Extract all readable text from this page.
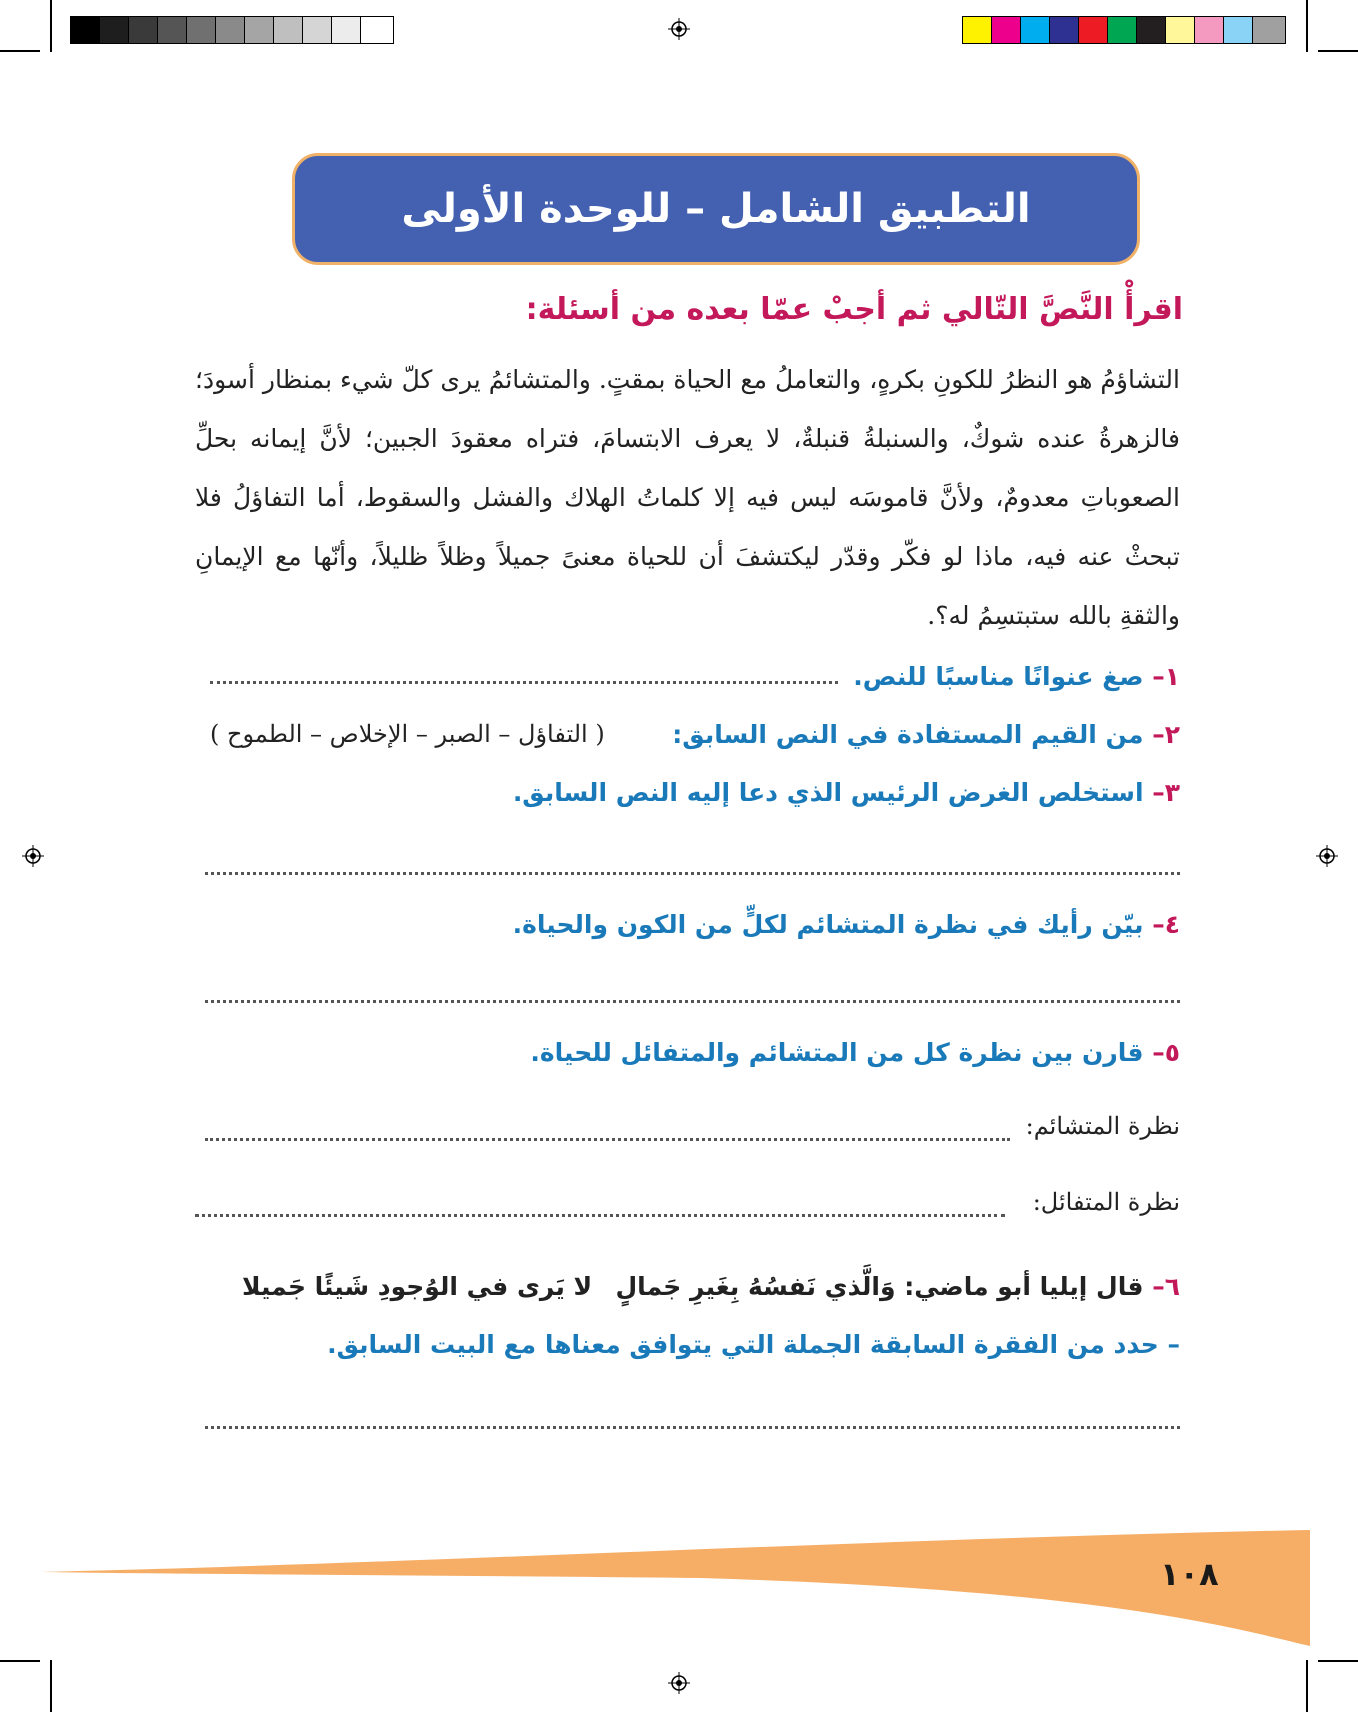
التطبيق الشامل – للوحدة الأولى
اقرأْ النَّصَّ التّالي ثم أجبْ عمّا بعده من أسئلة:
التشاؤمُ هو النظرُ للكونِ بكرهٍ، والتعاملُ مع الحياة بمقتٍ. والمتشائمُ يرى كلّ شيء بمنظار أسودَ؛ فالزهرةُ عنده شوكٌ، والسنبلةُ قنبلةٌ، لا يعرف الابتسامَ، فتراه معقودَ الجبين؛ لأنَّ إيمانه بحلِّ الصعوباتِ معدومٌ، ولأنَّ قاموسَه ليس فيه إلا كلماتُ الهلاك والفشل والسقوط، أما التفاؤلُ فلا تبحثْ عنه فيه، ماذا لو فكّر وقدّر ليكتشفَ أن للحياة معنىً جميلاً وظلاً ظليلاً، وأنّها مع الإيمانِ والثقةِ بالله ستبتسِمُ له؟.
١– صغ عنوانًا مناسبًا للنص.
٢– من القيم المستفادة في النص السابق:
( التفاؤل – الصبر – الإخلاص – الطموح )
٣– استخلص الغرض الرئيس الذي دعا إليه النص السابق.
٤– بيّن رأيك في نظرة المتشائم لكلٍّ من الكون والحياة.
٥– قارن بين نظرة كل من المتشائم والمتفائل للحياة.
نظرة المتشائم:
نظرة المتفائل:
٦– قال إيليا أبو ماضي: وَالَّذي نَفسُهُ بِغَيرِ جَمالٍ
لا يَرى في الوُجودِ شَيئًا جَميلا
– حدد من الفقرة السابقة الجملة التي يتوافق معناها مع البيت السابق.
١٠٨
